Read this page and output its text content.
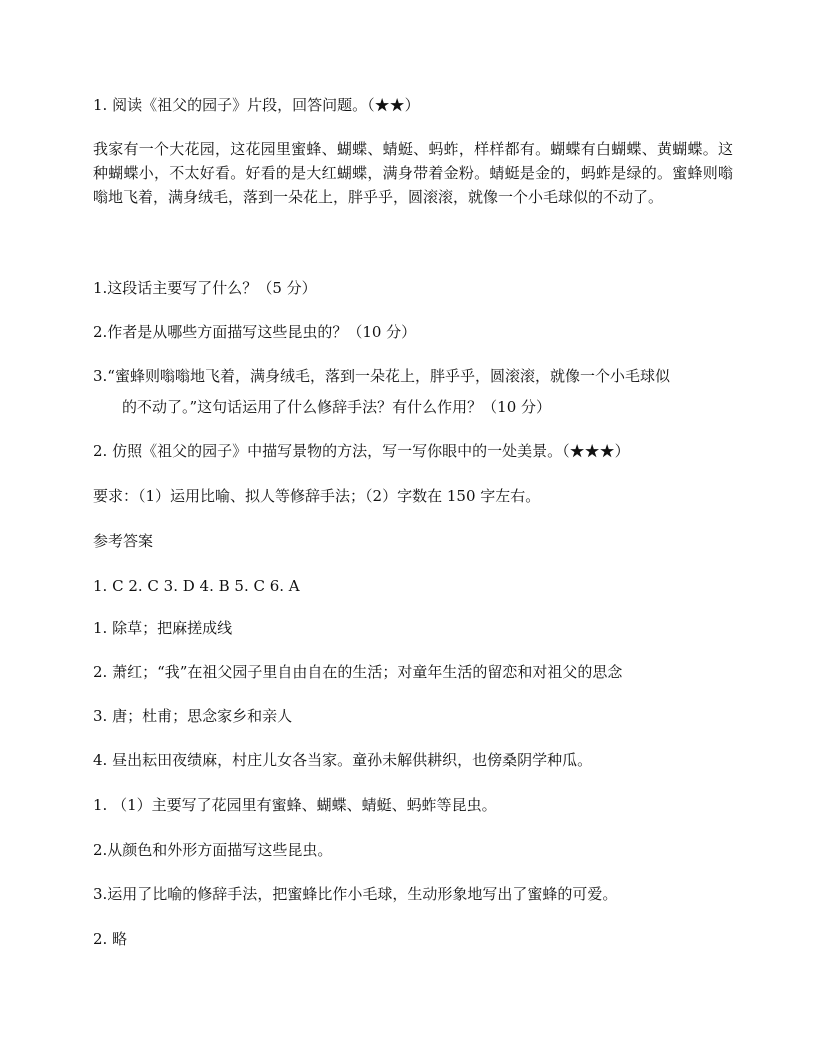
1. 阅读《祖父的园子》片段，回答问题。（★★）
我家有一个大花园，这花园里蜜蜂、蝴蝶、蜻蜓、蚂蚱，样样都有。蝴蝶有白蝴蝶、黄蝴蝶。这种蝴蝶小，不太好看。好看的是大红蝴蝶，满身带着金粉。蜻蜓是金的，蚂蚱是绿的。蜜蜂则嗡嗡地飞着，满身绒毛，落到一朵花上，胖乎乎，圆滚滚，就像一个小毛球似的不动了。
1.这段话主要写了什么？（5 分）
2.作者是从哪些方面描写这些昆虫的？（10 分）
3.“蜜蜂则嗡嗡地飞着，满身绒毛，落到一朵花上，胖乎乎，圆滚滚，就像一个小毛球似
的不动了。”这句话运用了什么修辞手法？有什么作用？（10 分）
2. 仿照《祖父的园子》中描写景物的方法，写一写你眼中的一处美景。（★★★）
要求：（1）运用比喻、拟人等修辞手法；（2）字数在 150 字左右。
参考答案
1. C 2. C 3. D 4. B 5. C 6. A
1. 除草；把麻搓成线
2. 萧红；“我”在祖父园子里自由自在的生活；对童年生活的留恋和对祖父的思念
3. 唐；杜甫；思念家乡和亲人
4. 昼出耘田夜绩麻，村庄儿女各当家。童孙未解供耕织，也傍桑阴学种瓜。
1. （1）主要写了花园里有蜜蜂、蝴蝶、蜻蜓、蚂蚱等昆虫。
2.从颜色和外形方面描写这些昆虫。
3.运用了比喻的修辞手法，把蜜蜂比作小毛球，生动形象地写出了蜜蜂的可爱。
2. 略
